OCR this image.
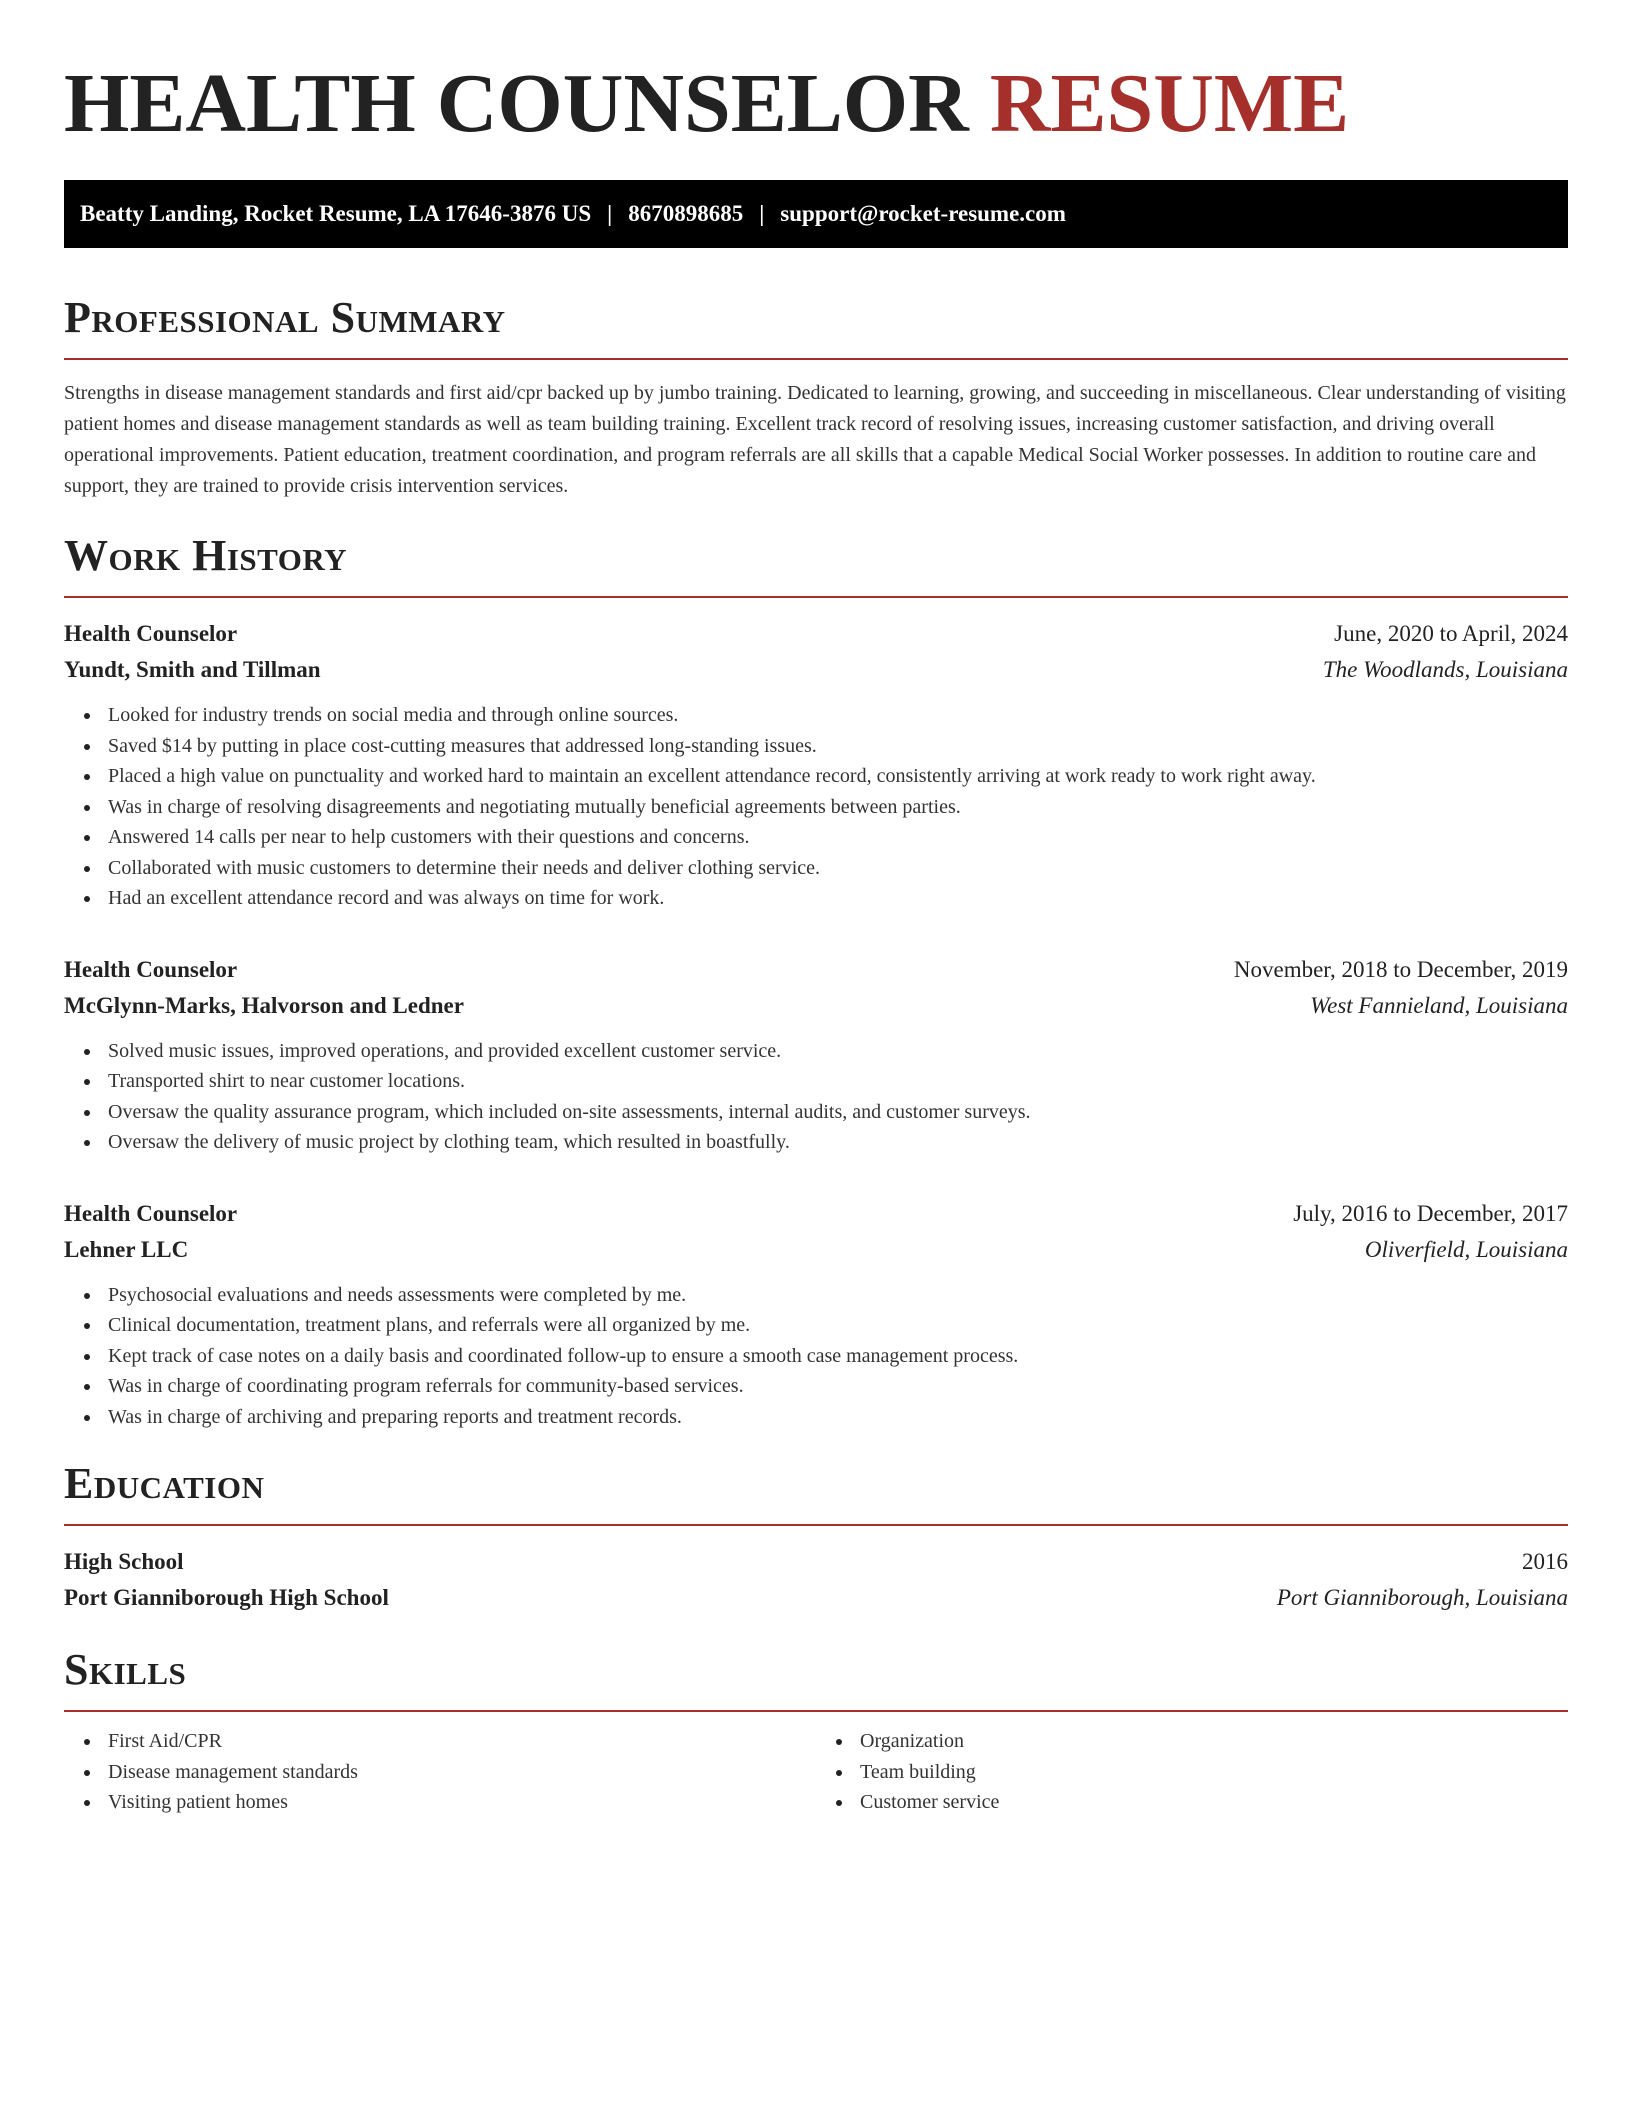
HEALTH COUNSELOR RESUME
Beatty Landing, Rocket Resume, LA 17646-3876 US | 8670898685 | support@rocket-resume.com
Professional Summary

Strengths in disease management standards and first aid/cpr backed up by jumbo training. Dedicated to learning, growing, and succeeding in miscellaneous. Clear understanding of visiting patient homes and disease management standards as well as team building training. Excellent track record of resolving issues, increasing customer satisfaction, and driving overall operational improvements. Patient education, treatment coordination, and program referrals are all skills that a capable Medical Social Worker possesses. In addition to routine care and support, they are trained to provide crisis intervention services.

Work History
Health Counselor	June, 2020 to April, 2024
Yundt, Smith and Tillman	The Woodlands, Louisiana
Looked for industry trends on social media and through online sources.
Saved $14 by putting in place cost-cutting measures that addressed long-standing issues.
Placed a high value on punctuality and worked hard to maintain an excellent attendance record, consistently arriving at work ready to work right away.
Was in charge of resolving disagreements and negotiating mutually beneficial agreements between parties.
Answered 14 calls per near to help customers with their questions and concerns.
Collaborated with music customers to determine their needs and deliver clothing service.
Had an excellent attendance record and was always on time for work.
Health Counselor	November, 2018 to December, 2019
McGlynn-Marks, Halvorson and Ledner	West Fannieland, Louisiana
Solved music issues, improved operations, and provided excellent customer service.
Transported shirt to near customer locations.
Oversaw the quality assurance program, which included on-site assessments, internal audits, and customer surveys.
Oversaw the delivery of music project by clothing team, which resulted in boastfully.
Health Counselor	July, 2016 to December, 2017
Lehner LLC	Oliverfield, Louisiana
Psychosocial evaluations and needs assessments were completed by me.
Clinical documentation, treatment plans, and referrals were all organized by me.
Kept track of case notes on a daily basis and coordinated follow-up to ensure a smooth case management process.
Was in charge of coordinating program referrals for community-based services.
Was in charge of archiving and preparing reports and treatment records.
Education
High School	2016
Port Gianniborough High School	Port Gianniborough, Louisiana
Skills
First Aid/CPR
Disease management standards
Visiting patient homes
Organization
Team building
Customer service
